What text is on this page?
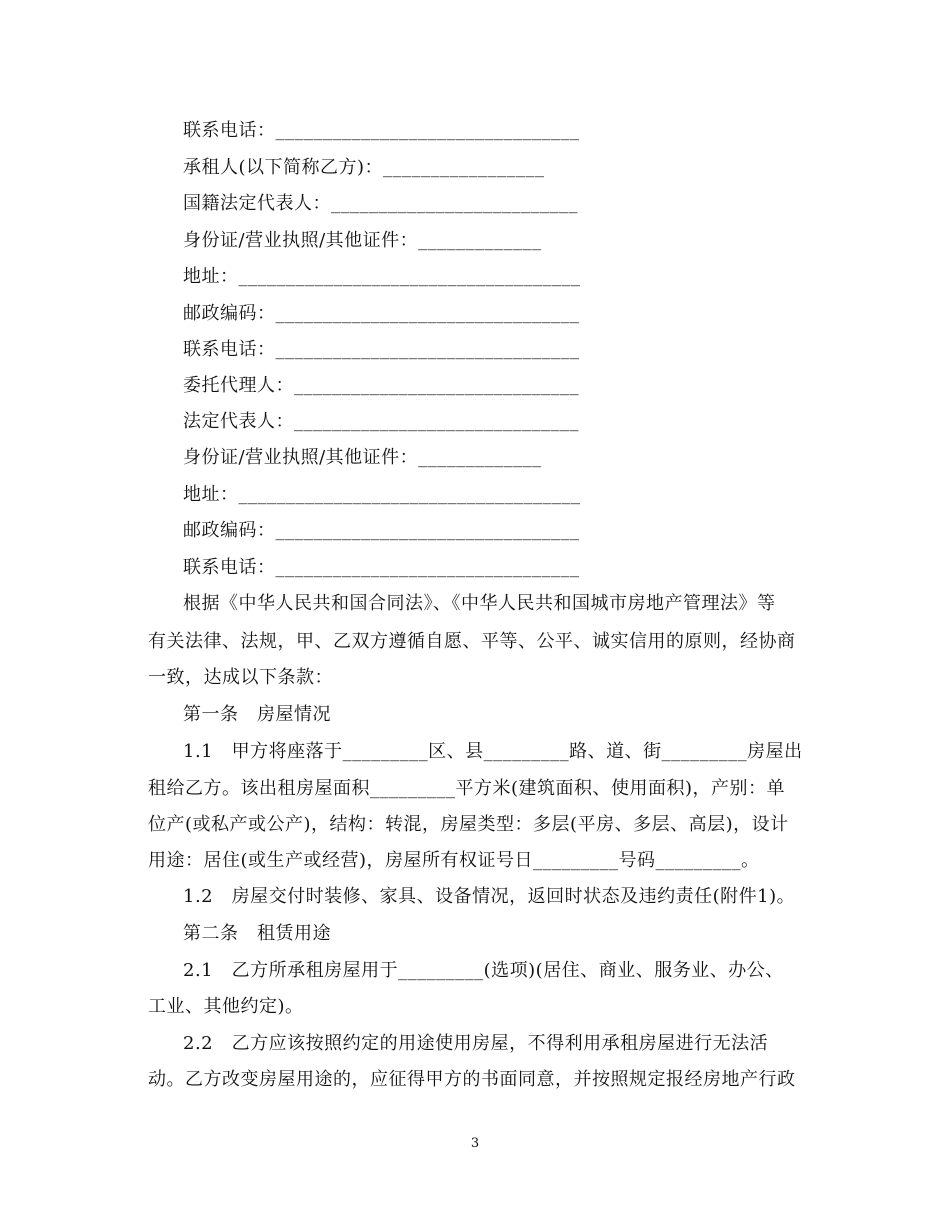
联系电话：________________________________
承租人(以下简称乙方)：_________________
国籍法定代表人：__________________________
身份证/营业执照/其他证件：_____________
地址：____________________________________
邮政编码：________________________________
联系电话：________________________________
委托代理人：______________________________
法定代表人：______________________________
身份证/营业执照/其他证件：_____________
地址：____________________________________
邮政编码：________________________________
联系电话：________________________________
根据《中华人民共和国合同法》、《中华人民共和国城市房地产管理法》等
有关法律、法规，甲、乙双方遵循自愿、平等、公平、诚实信用的原则，经协商
一致，达成以下条款：
第一条　房屋情况
1.1　甲方将座落于_________区、县_________路、道、街_________房屋出
租给乙方。该出租房屋面积_________平方米(建筑面积、使用面积)，产别：单
位产(或私产或公产)，结构：转混，房屋类型：多层(平房、多层、高层)，设计
用途：居住(或生产或经营)，房屋所有权证号日_________号码_________。
1.2　房屋交付时装修、家具、设备情况，返回时状态及违约责任(附件1)。
第二条　租赁用途
2.1　乙方所承租房屋用于_________(选项)(居住、商业、服务业、办公、
工业、其他约定)。
2.2　乙方应该按照约定的用途使用房屋，不得利用承租房屋进行无法活
动。乙方改变房屋用途的，应征得甲方的书面同意，并按照规定报经房地产行政
3
